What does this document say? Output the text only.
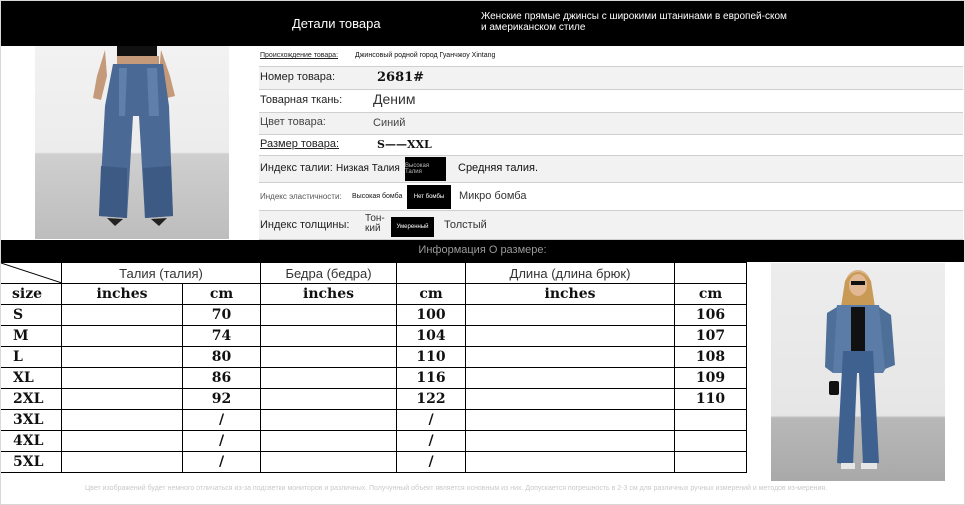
Детали товара	Женские прямые джинсы с широкими штанинами в европей-ском и американском стиле
Происхождение товара: Джинсовый родной город Гуанчжоу Xintang
Номер товара:	2681#
Товарная ткань: Деним
Цвет товара:	Синий
Размер товара:	S——XXL
Индекс талии: Низкая Талия Высокая Талия	Средняя талия.
Индекс эластичности: Высокая бомба	Нет бомбы	Микро бомба
Индекс толщины:
Тон-кий	Умеренный	Толстый
Информация О размере:
	Талия (талия)		Бедра (бедра)		Длина (длина брюк)	
size	inches	cm	inches	cm	inches	cm
S		70		100		106
M		74		104		107
L		80		110		108
XL		86		116		109
2XL		92		122		110
3XL		/		/		
4XL		/		/		
5XL		/		/		
Цвет изображений будет немного отличаться из-за подсветки мониторов и различных. Получунный объект является основным из них. Допускается погрешность в 2-3 см для различных ручных измерений и методов из-мерения.
